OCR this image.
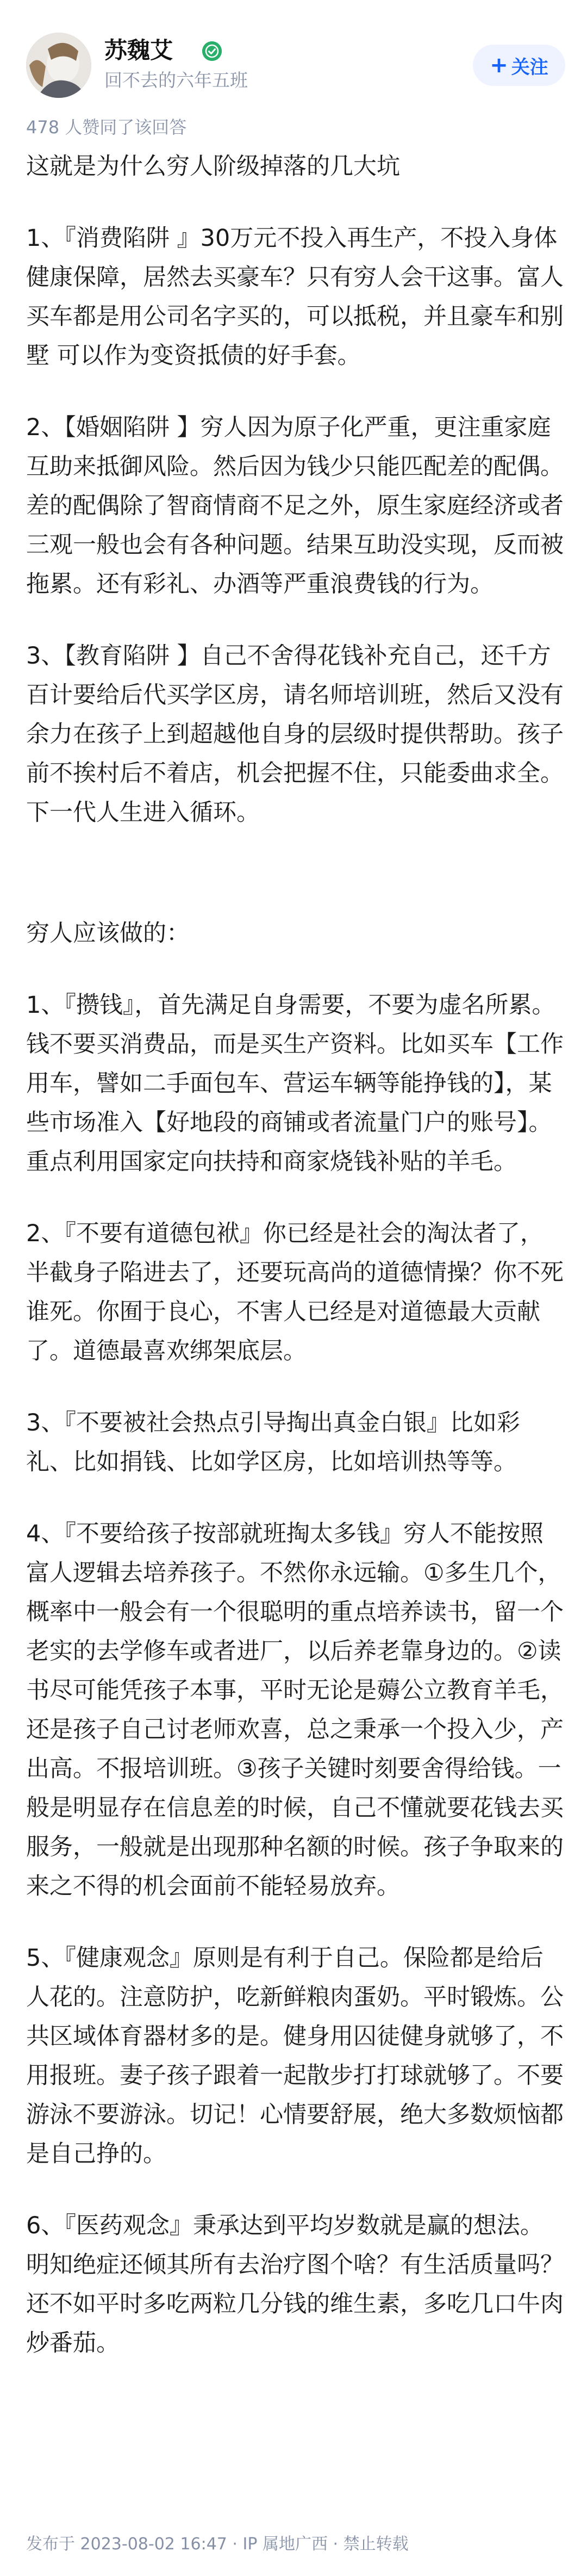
苏魏艾
回不去的六年五班
+ 关注
478 人赞同了该回答

这就是为什么穷人阶级掉落的几大坑

1、『消费陷阱 』30万元不投入再生产，不投入身体健康保障，居然去买豪车？只有穷人会干这事。富人买车都是用公司名字买的，可以抵税，并且豪车和别墅 可以作为变资抵债的好手套。

2、【婚姻陷阱 】穷人因为原子化严重，更注重家庭互助来抵御风险。然后因为钱少只能匹配差的配偶。差的配偶除了智商情商不足之外，原生家庭经济或者三观一般也会有各种问题。结果互助没实现，反而被拖累。还有彩礼、办酒等严重浪费钱的行为。

3、【教育陷阱 】自己不舍得花钱补充自己，还千方百计要给后代买学区房，请名师培训班，然后又没有余力在孩子上到超越他自身的层级时提供帮助。孩子前不挨村后不着店，机会把握不住，只能委曲求全。下一代人生进入循环。

穷人应该做的：

1、『攒钱』，首先满足自身需要，不要为虚名所累。钱不要买消费品，而是买生产资料。比如买车【工作用车，譬如二手面包车、营运车辆等能挣钱的】，某些市场准入【好地段的商铺或者流量门户的账号】。重点利用国家定向扶持和商家烧钱补贴的羊毛。

2、『不要有道德包袱』你已经是社会的淘汰者了，半截身子陷进去了，还要玩高尚的道德情操？你不死谁死。你囿于良心，不害人已经是对道德最大贡献了。道德最喜欢绑架底层。

3、『不要被社会热点引导掏出真金白银』比如彩礼、比如捐钱、比如学区房，比如培训热等等。

4、『不要给孩子按部就班掏太多钱』穷人不能按照富人逻辑去培养孩子。不然你永远输。①多生几个，概率中一般会有一个很聪明的重点培养读书，留一个老实的去学修车或者进厂，以后养老靠身边的。②读书尽可能凭孩子本事，平时无论是薅公立教育羊毛，还是孩子自己讨老师欢喜，总之秉承一个投入少，产出高。不报培训班。③孩子关键时刻要舍得给钱。一般是明显存在信息差的时候，自己不懂就要花钱去买服务，一般就是出现那种名额的时候。孩子争取来的来之不得的机会面前不能轻易放弃。

5、『健康观念』原则是有利于自己。保险都是给后人花的。注意防护，吃新鲜粮肉蛋奶。平时锻炼。公共区域体育器材多的是。健身用囚徒健身就够了，不用报班。妻子孩子跟着一起散步打打球就够了。不要游泳不要游泳。切记！心情要舒展，绝大多数烦恼都是自己挣的。

6、『医药观念』秉承达到平均岁数就是赢的想法。明知绝症还倾其所有去治疗图个啥？有生活质量吗？还不如平时多吃两粒几分钱的维生素，多吃几口牛肉炒番茄。

发布于 2023-08-02 16:47 · IP 属地广西 · 禁止转载
